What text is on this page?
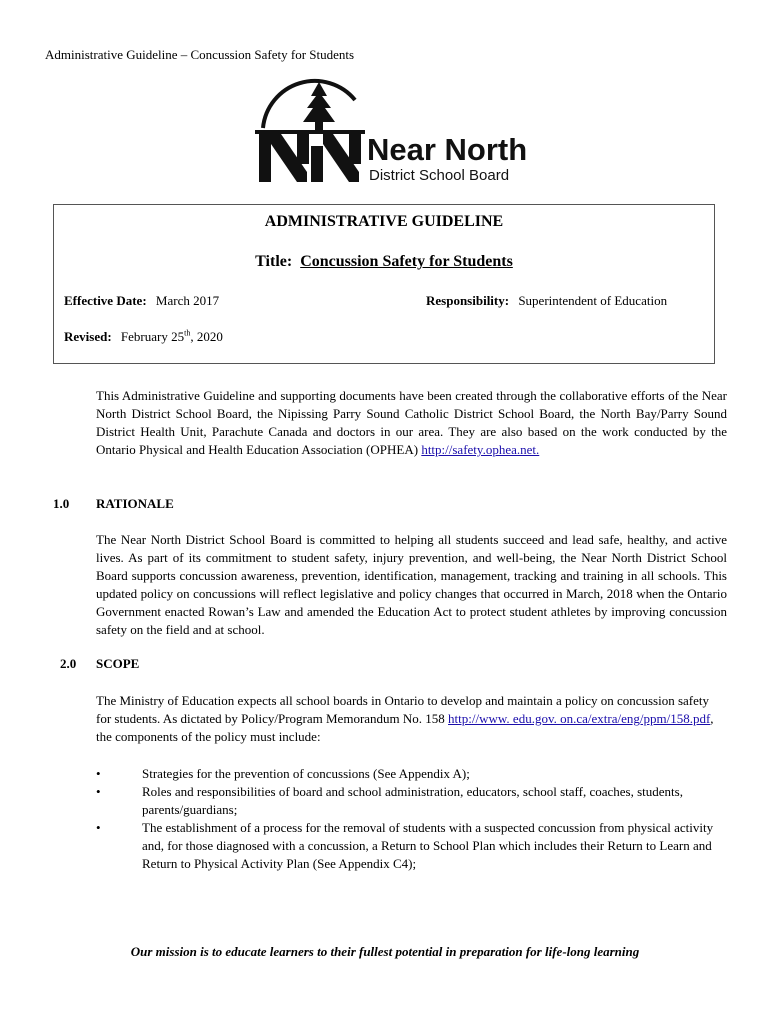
Administrative Guideline – Concussion Safety for Students
Near North
District School Board
ADMINISTRATIVE GUIDELINE
Title: Concussion Safety for Students
Effective Date: March 2017	Responsibility: Superintendent of Education
Revised: February 25th, 2020
This Administrative Guideline and supporting documents have been created through the collaborative efforts of the Near North District School Board, the Nipissing Parry Sound Catholic District School Board, the North Bay/Parry Sound District Health Unit, Parachute Canada and doctors in our area. They are also based on the work conducted by the Ontario Physical and Health Education Association (OPHEA) http://safety.ophea.net.
1.0 RATIONALE
The Near North District School Board is committed to helping all students succeed and lead safe, healthy, and active lives. As part of its commitment to student safety, injury prevention, and well-being, the Near North District School Board supports concussion awareness, prevention, identification, management, tracking and training in all schools. This updated policy on concussions will reflect legislative and policy changes that occurred in March, 2018 when the Ontario Government enacted Rowan’s Law and amended the Education Act to protect student athletes by improving concussion safety on the field and at school.
2.0 SCOPE
The Ministry of Education expects all school boards in Ontario to develop and maintain a policy on concussion safety for students. As dictated by Policy/Program Memorandum No. 158 http://www. edu.gov. on.ca/extra/eng/ppm/158.pdf, the components of the policy must include:
•	Strategies for the prevention of concussions (See Appendix A);
•	Roles and responsibilities of board and school administration, educators, school staff, coaches, students, parents/guardians;
•	The establishment of a process for the removal of students with a suspected concussion from physical activity and, for those diagnosed with a concussion, a Return to School Plan which includes their Return to Learn and Return to Physical Activity Plan (See Appendix C4);
Our mission is to educate learners to their fullest potential in preparation for life-long learning
